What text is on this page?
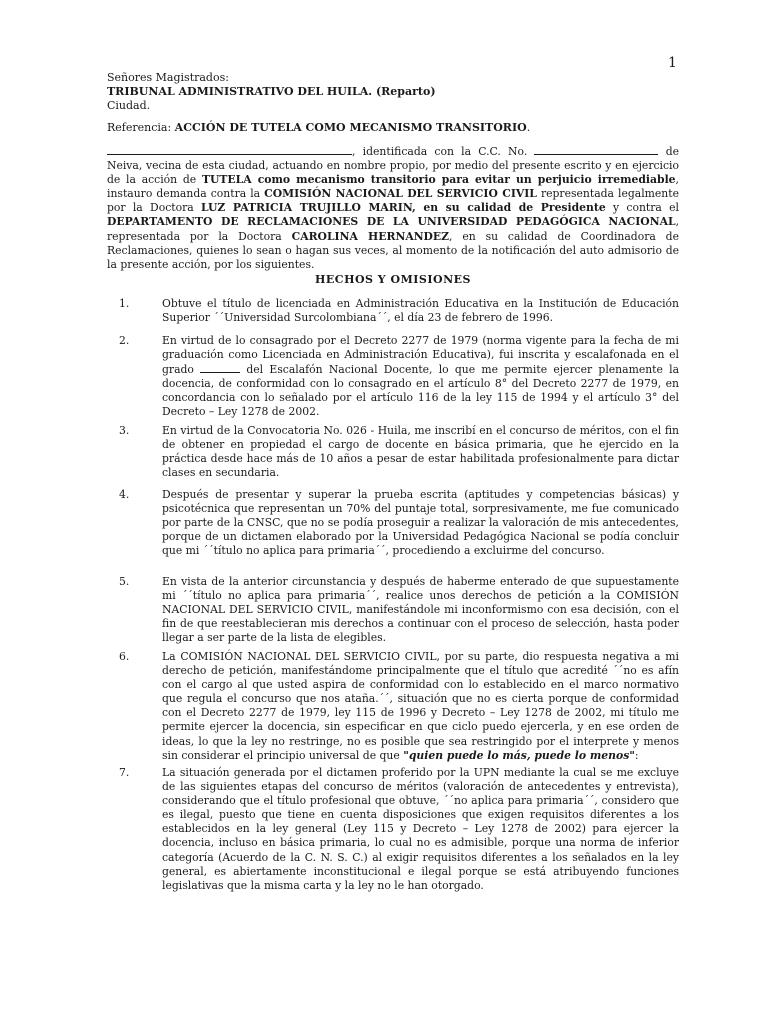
1
Señores Magistrados:
TRIBUNAL ADMINISTRATIVO DEL HUILA. (Reparto)
Ciudad.
Referencia: ACCIÓN DE TUTELA COMO MECANISMO TRANSITORIO.
, identificada con la C.C. No.	de Neiva, vecina de esta ciudad, actuando en nombre propio, por medio del presente escrito y en ejercicio de la acción de TUTELA como mecanismo transitorio para evitar un perjuicio irremediable, instauro demanda contra la COMISIÓN NACIONAL DEL SERVICIO CIVIL representada legalmente por la Doctora LUZ PATRICIA TRUJILLO MARIN, en su calidad de Presidente y contra el DEPARTAMENTO DE RECLAMACIONES DE LA UNIVERSIDAD PEDAGÓGICA NACIONAL, representada por la Doctora CAROLINA HERNANDEZ, en su calidad de Coordinadora de Reclamaciones, quienes lo sean o hagan sus veces, al momento de la notificación del auto admisorio de la presente acción, por los siguientes.
HECHOS Y OMISIONES
1.	Obtuve el título de licenciada en Administración Educativa en la Institución de Educación Superior ´´Universidad Surcolombiana´´, el día 23 de febrero de 1996.
2.	En virtud de lo consagrado por el Decreto 2277 de 1979 (norma vigente para la fecha de mi graduación como Licenciada en Administración Educativa), fui inscrita y escalafonada en el grado	del Escalafón Nacional Docente, lo que me permite ejercer plenamente la docencia, de conformidad con lo consagrado en el artículo 8° del Decreto 2277 de 1979, en concordancia con lo señalado por el artículo 116 de la ley 115 de 1994 y el artículo 3° del Decreto – Ley 1278 de 2002.
3.	En virtud de la Convocatoria No. 026 - Huila, me inscribí en el concurso de méritos, con el fin de obtener en propiedad el cargo de docente en básica primaria, que he ejercido en la práctica desde hace más de 10 años a pesar de estar habilitada profesionalmente para dictar clases en secundaria.
4.	Después de presentar y superar la prueba escrita (aptitudes y competencias básicas) y psicotécnica que representan un 70% del puntaje total, sorpresivamente, me fue comunicado por parte de la CNSC, que no se podía proseguir a realizar la valoración de mis antecedentes, porque de un dictamen elaborado por la Universidad Pedagógica Nacional se podía concluir que mi ´´título no aplica para primaria´´, procediendo a excluirme del concurso.
5.	En vista de la anterior circunstancia y después de haberme enterado de que supuestamente mi ´´título no aplica para primaria´´, realice unos derechos de petición a la COMISIÓN NACIONAL DEL SERVICIO CIVIL, manifestándole mi inconformismo con esa decisión, con el fin de que reestablecieran mis derechos a continuar con el proceso de selección, hasta poder llegar a ser parte de la lista de elegibles.
6.	La COMISIÓN NACIONAL DEL SERVICIO CIVIL, por su parte, dio respuesta negativa a mi derecho de petición, manifestándome principalmente que el título que acredité ´´no es afín con el cargo al que usted aspira de conformidad con lo establecido en el marco normativo que regula el concurso que nos ataña.´´, situación que no es cierta porque de conformidad con el Decreto 2277 de 1979, ley 115 de 1996 y Decreto – Ley 1278 de 2002, mi título me permite ejercer la docencia, sin especificar en que ciclo puedo ejercerla, y en ese orden de ideas, lo que la ley no restringe, no es posible que sea restringido por el interprete y menos sin considerar el principio universal de que "quien puede lo más, puede lo menos":
7.	La situación generada por el dictamen proferido por la UPN mediante la cual se me excluye de las siguientes etapas del concurso de méritos (valoración de antecedentes y entrevista), considerando que el título profesional que obtuve, ´´no aplica para primaria´´, considero que es ilegal, puesto que tiene en cuenta disposiciones que exigen requisitos diferentes a los establecidos en la ley general (Ley 115 y Decreto – Ley 1278 de 2002) para ejercer la docencia, incluso en básica primaria, lo cual no es admisible, porque una norma de inferior categoría (Acuerdo de la C. N. S. C.) al exigir requisitos diferentes a los señalados en la ley general, es abiertamente inconstitucional e ilegal porque se está atribuyendo funciones legislativas que la misma carta y la ley no le han otorgado.
